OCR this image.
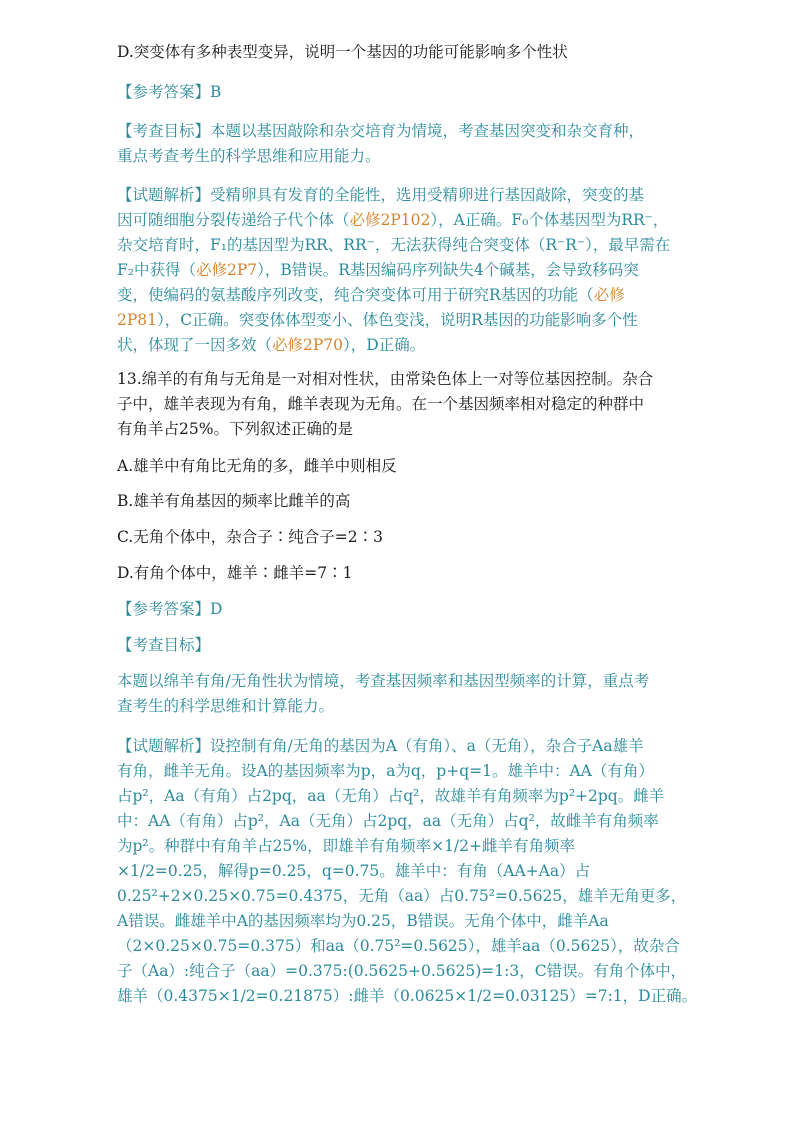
D.突变体有多种表型变异，说明一个基因的功能可能影响多个性状

【参考答案】B

【考查目标】本题以基因敲除和杂交培育为情境，考查基因突变和杂交育种，
重点考查考生的科学思维和应用能力。
【试题解析】受精卵具有发育的全能性，选用受精卵进行基因敲除，突变的基
因可随细胞分裂传递给子代个体（必修2P102），A正确。F₀个体基因型为RR⁻，
杂交培育时，F₁的基因型为RR、RR⁻，无法获得纯合突变体（R⁻R⁻），最早需在
F₂中获得（必修2P7），B错误。R基因编码序列缺失4个碱基，会导致移码突
变，使编码的氨基酸序列改变，纯合突变体可用于研究R基因的功能（必修
2P81），C正确。突变体体型变小、体色变浅，说明R基因的功能影响多个性
状，体现了一因多效（必修2P70），D正确。
13.绵羊的有角与无角是一对相对性状，由常染色体上一对等位基因控制。杂合
子中，雄羊表现为有角，雌羊表现为无角。在一个基因频率相对稳定的种群中
有角羊占25%。下列叙述正确的是

A.雄羊中有角比无角的多，雌羊中则相反

B.雄羊有角基因的频率比雌羊的高

C.无角个体中，杂合子∶纯合子=2∶3

D.有角个体中，雄羊∶雌羊=7∶1

【参考答案】D

【考查目标】

本题以绵羊有角/无角性状为情境，考查基因频率和基因型频率的计算，重点考
查考生的科学思维和计算能力。
【试题解析】设控制有角/无角的基因为A（有角）、a（无角），杂合子Aa雄羊
有角，雌羊无角。设A的基因频率为p，a为q，p+q=1。雄羊中：AA（有角）
占p²，Aa（有角）占2pq，aa（无角）占q²，故雄羊有角频率为p²+2pq。雌羊
中：AA（有角）占p²，Aa（无角）占2pq，aa（无角）占q²，故雌羊有角频率
为p²。种群中有角羊占25%，即雄羊有角频率×1/2+雌羊有角频率
×1/2=0.25，解得p=0.25，q=0.75。雄羊中：有角（AA+Aa）占
0.25²+2×0.25×0.75=0.4375，无角（aa）占0.75²=0.5625，雄羊无角更多，
A错误。雌雄羊中A的基因频率均为0.25，B错误。无角个体中，雌羊Aa
（2×0.25×0.75=0.375）和aa（0.75²=0.5625），雄羊aa（0.5625），故杂合
子（Aa）:纯合子（aa）=0.375:(0.5625+0.5625)=1:3，C错误。有角个体中，
雄羊（0.4375×1/2=0.21875）:雌羊（0.0625×1/2=0.03125）=7:1，D正确。
